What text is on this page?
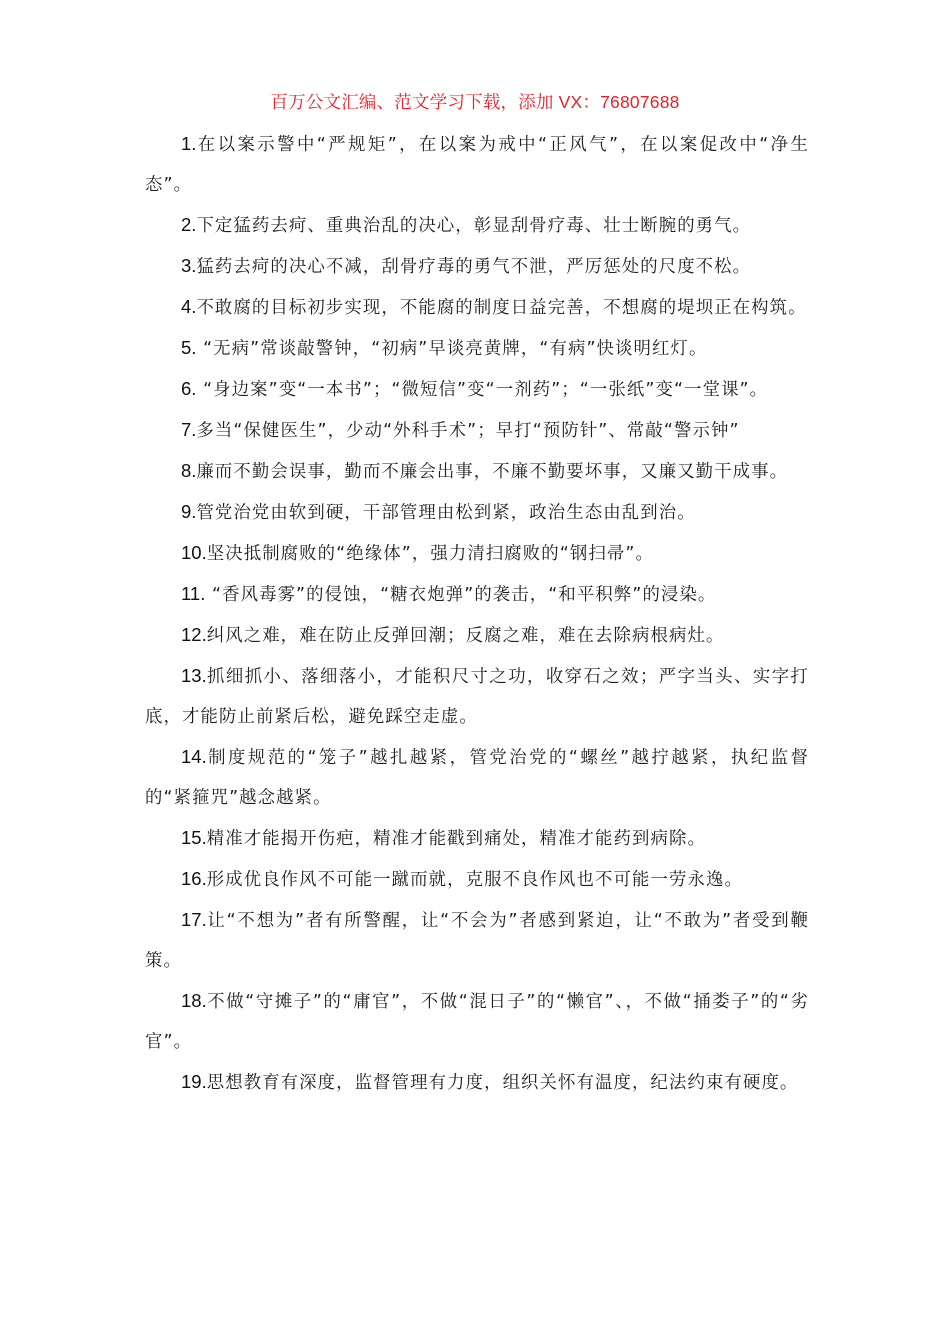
百万公文汇编、范文学习下载，添加 VX：76807688

1.在以案示警中“严规矩”，在以案为戒中“正风气”，在以案促改中“净生态”。

2.下定猛药去疴、重典治乱的决心，彰显刮骨疗毒、壮士断腕的勇气。

3.猛药去疴的决心不减，刮骨疗毒的勇气不泄，严厉惩处的尺度不松。

4.不敢腐的目标初步实现，不能腐的制度日益完善，不想腐的堤坝正在构筑。

5. “无病”常谈敲警钟，“初病”早谈亮黄牌，“有病”快谈明红灯。

6. “身边案”变“一本书”；“微短信”变“一剂药”；“一张纸”变“一堂课”。

7.多当“保健医生”，少动“外科手术”；早打“预防针”、常敲“警示钟”

8.廉而不勤会误事，勤而不廉会出事，不廉不勤要坏事，又廉又勤干成事。

9.管党治党由软到硬，干部管理由松到紧，政治生态由乱到治。

10.坚决抵制腐败的“绝缘体”，强力清扫腐败的“钢扫帚”。

11. “香风毒雾”的侵蚀，“糖衣炮弹”的袭击，“和平积弊”的浸染。

12.纠风之难，难在防止反弹回潮；反腐之难，难在去除病根病灶。

13.抓细抓小、落细落小，才能积尺寸之功，收穿石之效；严字当头、实字打底，才能防止前紧后松，避免踩空走虚。

14.制度规范的“笼子”越扎越紧，管党治党的“螺丝”越拧越紧，执纪监督的“紧箍咒”越念越紧。

15.精准才能揭开伤疤，精准才能戳到痛处，精准才能药到病除。

16.形成优良作风不可能一蹴而就，克服不良作风也不可能一劳永逸。

17.让“不想为”者有所警醒，让“不会为”者感到紧迫，让“不敢为”者受到鞭策。

18.不做“守摊子”的“庸官”，不做“混日子”的“懒官”、，不做“捅娄子”的“劣官”。

19.思想教育有深度，监督管理有力度，组织关怀有温度，纪法约束有硬度。
